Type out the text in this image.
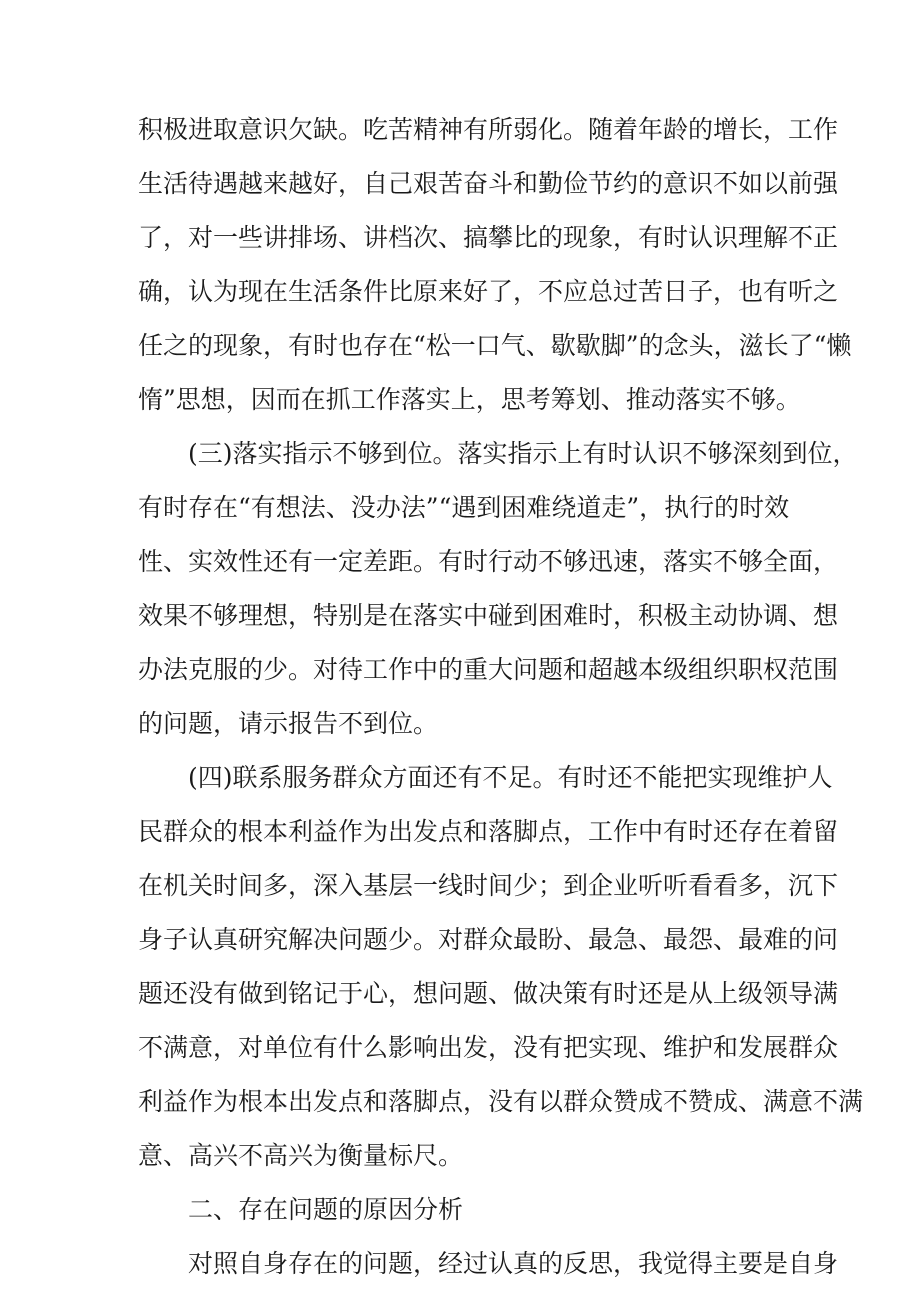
积极进取意识欠缺。吃苦精神有所弱化。随着年龄的增长，工作
生活待遇越来越好，自己艰苦奋斗和勤俭节约的意识不如以前强
了，对一些讲排场、讲档次、搞攀比的现象，有时认识理解不正
确，认为现在生活条件比原来好了，不应总过苦日子，也有听之
任之的现象，有时也存在“松一口气、歇歇脚”的念头，滋长了“懒
惰”思想，因而在抓工作落实上，思考筹划、推动落实不够。
(三)落实指示不够到位。落实指示上有时认识不够深刻到位，
有时存在“有想法、没办法”“遇到困难绕道走”，执行的时效
性、实效性还有一定差距。有时行动不够迅速，落实不够全面，
效果不够理想，特别是在落实中碰到困难时，积极主动协调、想
办法克服的少。对待工作中的重大问题和超越本级组织职权范围
的问题，请示报告不到位。
(四)联系服务群众方面还有不足。有时还不能把实现维护人
民群众的根本利益作为出发点和落脚点，工作中有时还存在着留
在机关时间多，深入基层一线时间少；到企业听听看看多，沉下
身子认真研究解决问题少。对群众最盼、最急、最怨、最难的问
题还没有做到铭记于心，想问题、做决策有时还是从上级领导满
不满意，对单位有什么影响出发，没有把实现、维护和发展群众
利益作为根本出发点和落脚点，没有以群众赞成不赞成、满意不满
意、高兴不高兴为衡量标尺。
二、存在问题的原因分析
对照自身存在的问题，经过认真的反思，我觉得主要是自身
